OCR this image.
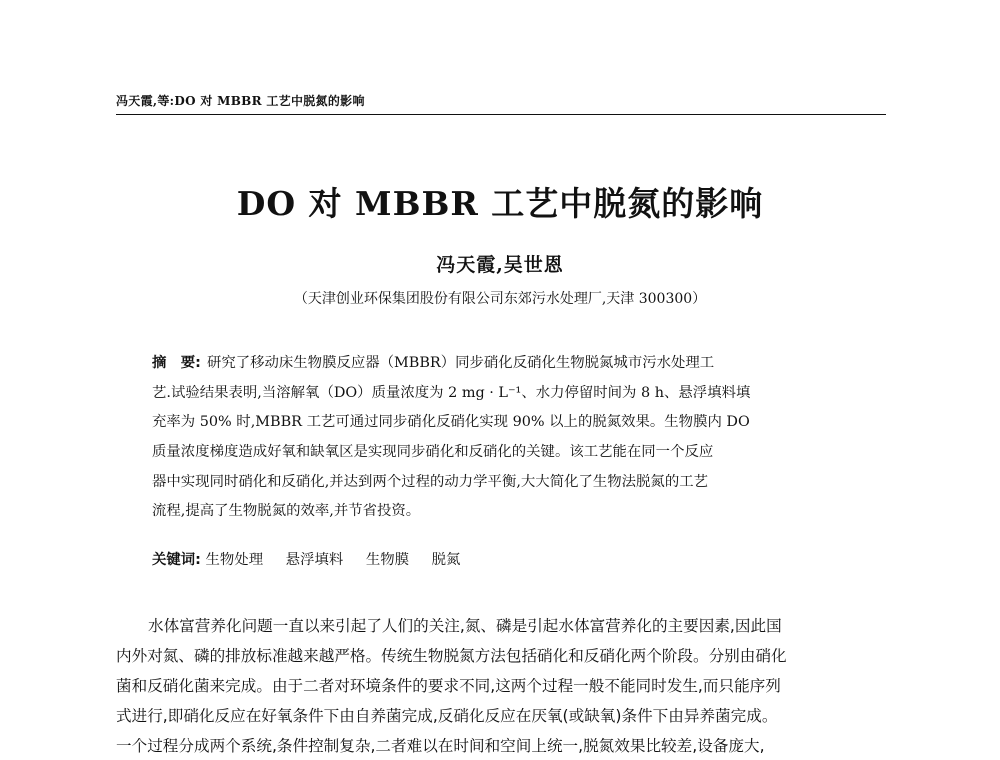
冯天霞,等:DO 对 MBBR 工艺中脱氮的影响
DO 对 MBBR 工艺中脱氮的影响
冯天霞,吴世恩
（天津创业环保集团股份有限公司东郊污水处理厂,天津 300300）
摘　要: 研究了移动床生物膜反应器（MBBR）同步硝化反硝化生物脱氮城市污水处理工
艺.试验结果表明,当溶解氧（DO）质量浓度为 2 mg · L⁻¹、水力停留时间为 8 h、悬浮填料填
充率为 50% 时,MBBR 工艺可通过同步硝化反硝化实现 90% 以上的脱氮效果。生物膜内 DO
质量浓度梯度造成好氧和缺氧区是实现同步硝化和反硝化的关键。该工艺能在同一个反应
器中实现同时硝化和反硝化,并达到两个过程的动力学平衡,大大简化了生物法脱氮的工艺
流程,提高了生物脱氮的效率,并节省投资。
关键词: 生物处理 悬浮填料 生物膜 脱氮
水体富营养化问题一直以来引起了人们的关注,氮、磷是引起水体富营养化的主要因素,因此国
内外对氮、磷的排放标准越来越严格。传统生物脱氮方法包括硝化和反硝化两个阶段。分别由硝化
菌和反硝化菌来完成。由于二者对环境条件的要求不同,这两个过程一般不能同时发生,而只能序列
式进行,即硝化反应在好氧条件下由自养菌完成,反硝化反应在厌氧(或缺氧)条件下由异养菌完成。
一个过程分成两个系统,条件控制复杂,二者难以在时间和空间上统一,脱氮效果比较差,设备庞大,
